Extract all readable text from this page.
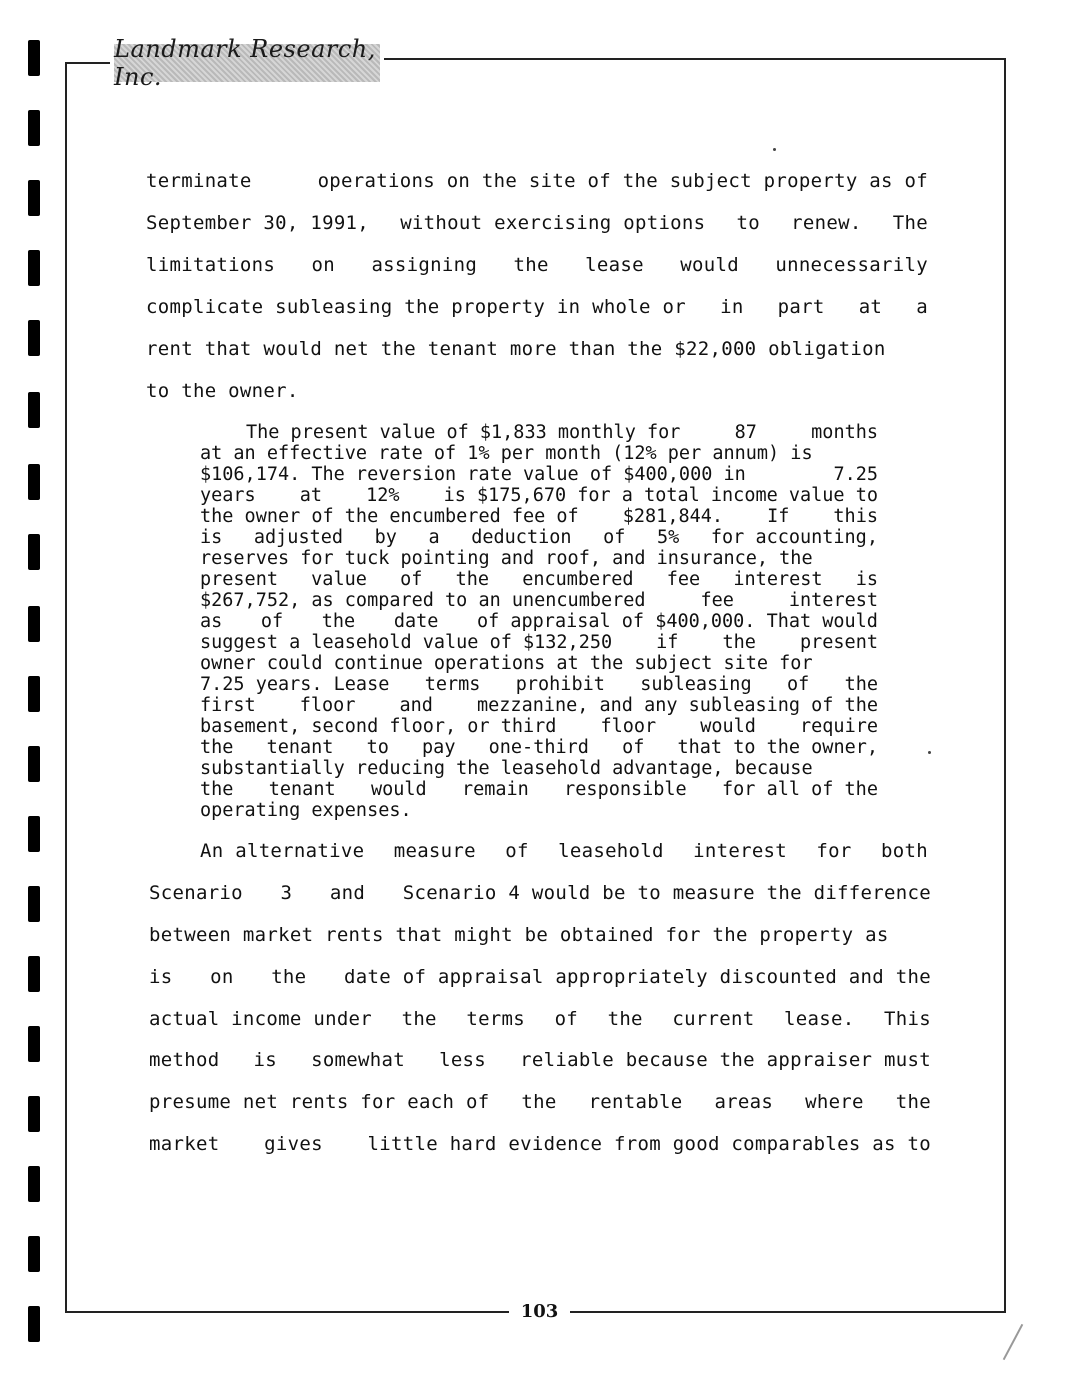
Landmark Research, Inc.
terminate	operations on the site of the subject property as of
September 30, 1991, without exercising options to renew. The
limitations on assigning the lease would unnecessarily
complicate subleasing the property in whole or in part at a
rent that would net the tenant more than the $22,000 obligation
to the owner.
The present value of $1,833 monthly for	87	months
at an effective rate of 1% per month (12% per annum) is
$106,174. The reversion rate value of $400,000 in	7.25
years at 12% is $175,670 for a total income value to
the owner of the encumbered fee of $281,844. If this
is adjusted by a deduction of 5% for accounting,
reserves for tuck pointing and roof, and insurance, the
present value of the encumbered fee interest is
$267,752, as compared to an unencumbered	fee	interest
as of the date of appraisal of $400,000. That would
suggest a leasehold value of $132,250 if the present
owner could continue operations at the subject site for
7.25 years. Lease terms prohibit subleasing of the
first floor and mezzanine, and any subleasing of the
basement, second floor, or third floor would require
the tenant to pay one-third of that to the owner,
substantially reducing the leasehold advantage, because
the tenant would remain responsible for all of the
operating expenses.
An alternative measure of leasehold interest for both
Scenario 3 and Scenario 4 would be to measure the difference
between market rents that might be obtained for the property as
is on the date of appraisal appropriately discounted and the
actual income under the terms of the current lease. This
method is somewhat less reliable because the appraiser must
presume net rents for each of the rentable areas where the
market gives little hard evidence from good comparables as to
103
